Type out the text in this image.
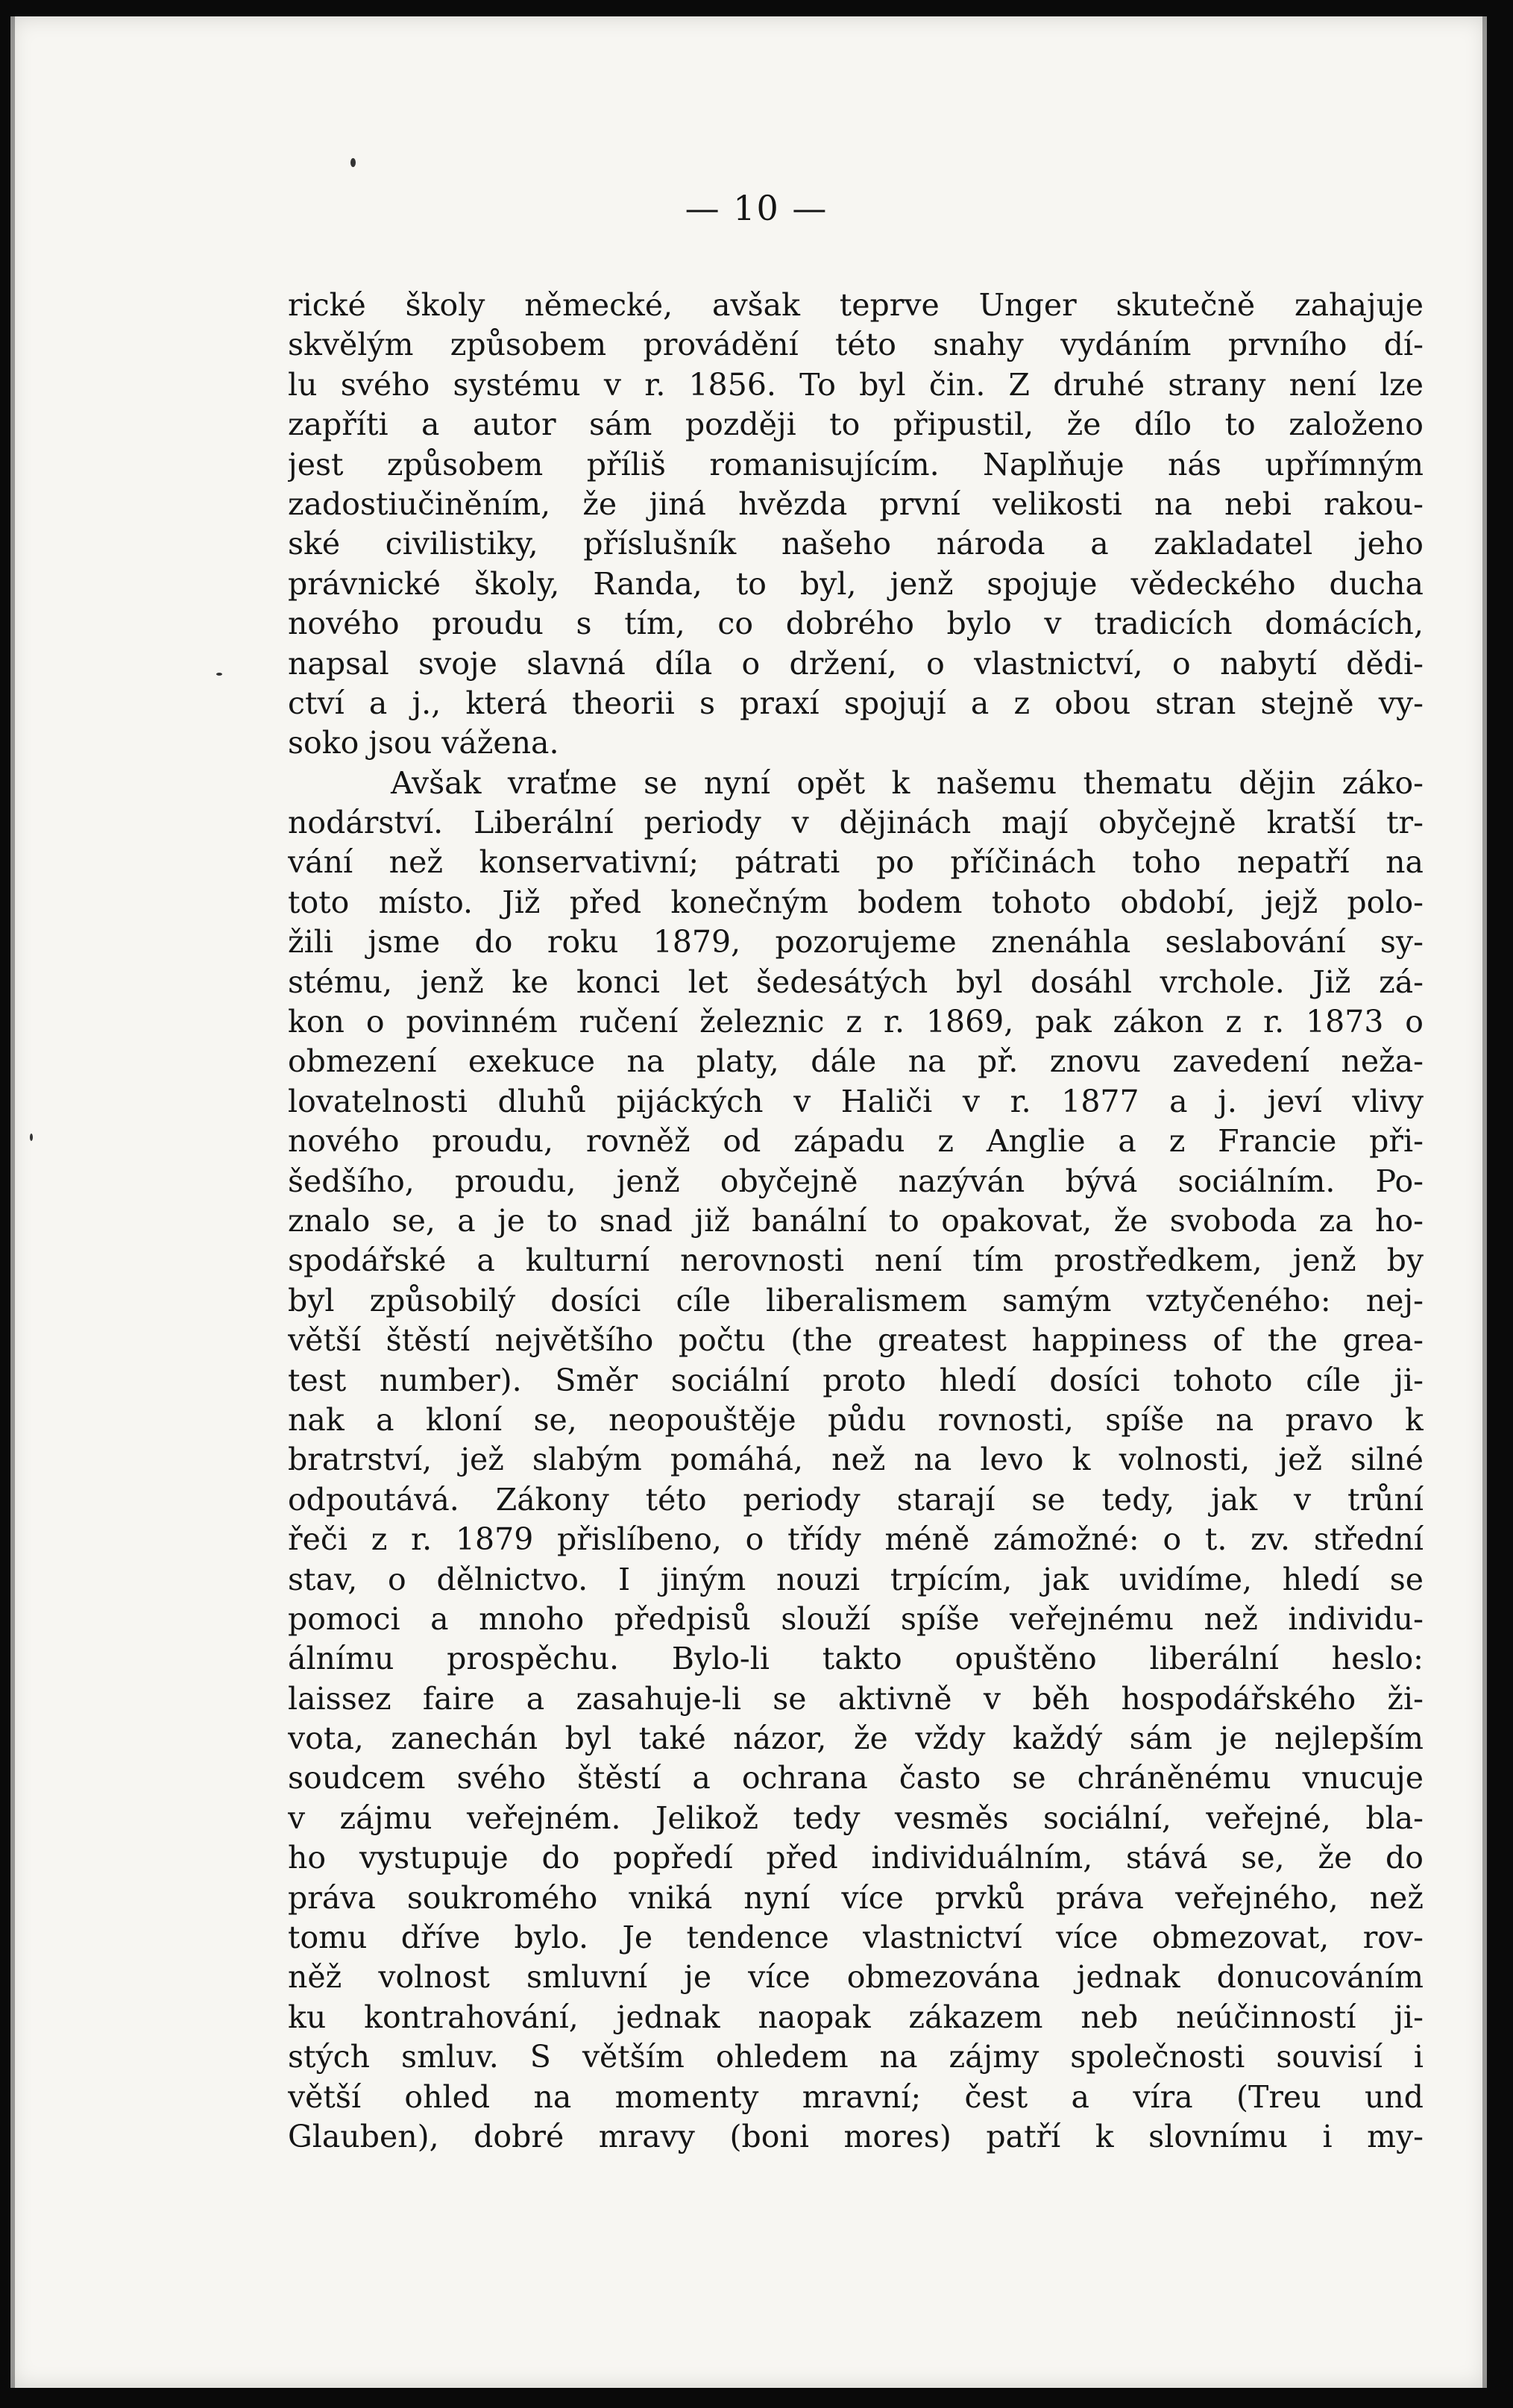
— 10 —
rické školy německé, avšak teprve Unger skutečně zahajuje
skvělým způsobem provádění této snahy vydáním prvního dí-
lu svého systému v r. 1856. To byl čin. Z druhé strany není lze
zapříti a autor sám později to připustil, že dílo to založeno
jest způsobem příliš romanisujícím. Naplňuje nás upřímným
zadostiučiněním, že jiná hvězda první velikosti na nebi rakou-
ské civilistiky, příslušník našeho národa a zakladatel jeho
právnické školy, Randa, to byl, jenž spojuje vědeckého ducha
nového proudu s tím, co dobrého bylo v tradicích domácích,
napsal svoje slavná díla o držení, o vlastnictví, o nabytí dědi-
ctví a j., která theorii s praxí spojují a z obou stran stejně vy-
soko jsou vážena.
Avšak vraťme se nyní opět k našemu thematu dějin záko-
nodárství. Liberální periody v dějinách mají obyčejně kratší tr-
vání než konservativní; pátrati po příčinách toho nepatří na
toto místo. Již před konečným bodem tohoto období, jejž polo-
žili jsme do roku 1879, pozorujeme znenáhla seslabování sy-
stému, jenž ke konci let šedesátých byl dosáhl vrchole. Již zá-
kon o povinném ručení železnic z r. 1869, pak zákon z r. 1873 o
obmezení exekuce na platy, dále na př. znovu zavedení neža-
lovatelnosti dluhů pijáckých v Haliči v r. 1877 a j. jeví vlivy
nového proudu, rovněž od západu z Anglie a z Francie při-
šedšího, proudu, jenž obyčejně nazýván bývá sociálním. Po-
znalo se, a je to snad již banální to opakovat, že svoboda za ho-
spodářské a kulturní nerovnosti není tím prostředkem, jenž by
byl způsobilý dosíci cíle liberalismem samým vztyčeného: nej-
větší štěstí největšího počtu (the greatest happiness of the grea-
test number). Směr sociální proto hledí dosíci tohoto cíle ji-
nak a kloní se, neopouštěje půdu rovnosti, spíše na pravo k
bratrství, jež slabým pomáhá, než na levo k volnosti, jež silné
odpoutává. Zákony této periody starají se tedy, jak v trůní
řeči z r. 1879 přislíbeno, o třídy méně zámožné: o t. zv. střední
stav, o dělnictvo. I jiným nouzi trpícím, jak uvidíme, hledí se
pomoci a mnoho předpisů slouží spíše veřejnému než individu-
álnímu prospěchu. Bylo-li takto opuštěno liberální heslo:
laissez faire a zasahuje-li se aktivně v běh hospodářského ži-
vota, zanechán byl také názor, že vždy každý sám je nejlepším
soudcem svého štěstí a ochrana často se chráněnému vnucuje
v zájmu veřejném. Jelikož tedy vesměs sociální, veřejné, bla-
ho vystupuje do popředí před individuálním, stává se, že do
práva soukromého vniká nyní více prvků práva veřejného, než
tomu dříve bylo. Je tendence vlastnictví více obmezovat, rov-
něž volnost smluvní je více obmezována jednak donucováním
ku kontrahování, jednak naopak zákazem neb neúčinností ji-
stých smluv. S větším ohledem na zájmy společnosti souvisí i
větší ohled na momenty mravní; čest a víra (Treu und
Glauben), dobré mravy (boni mores) patří k slovnímu i my-
